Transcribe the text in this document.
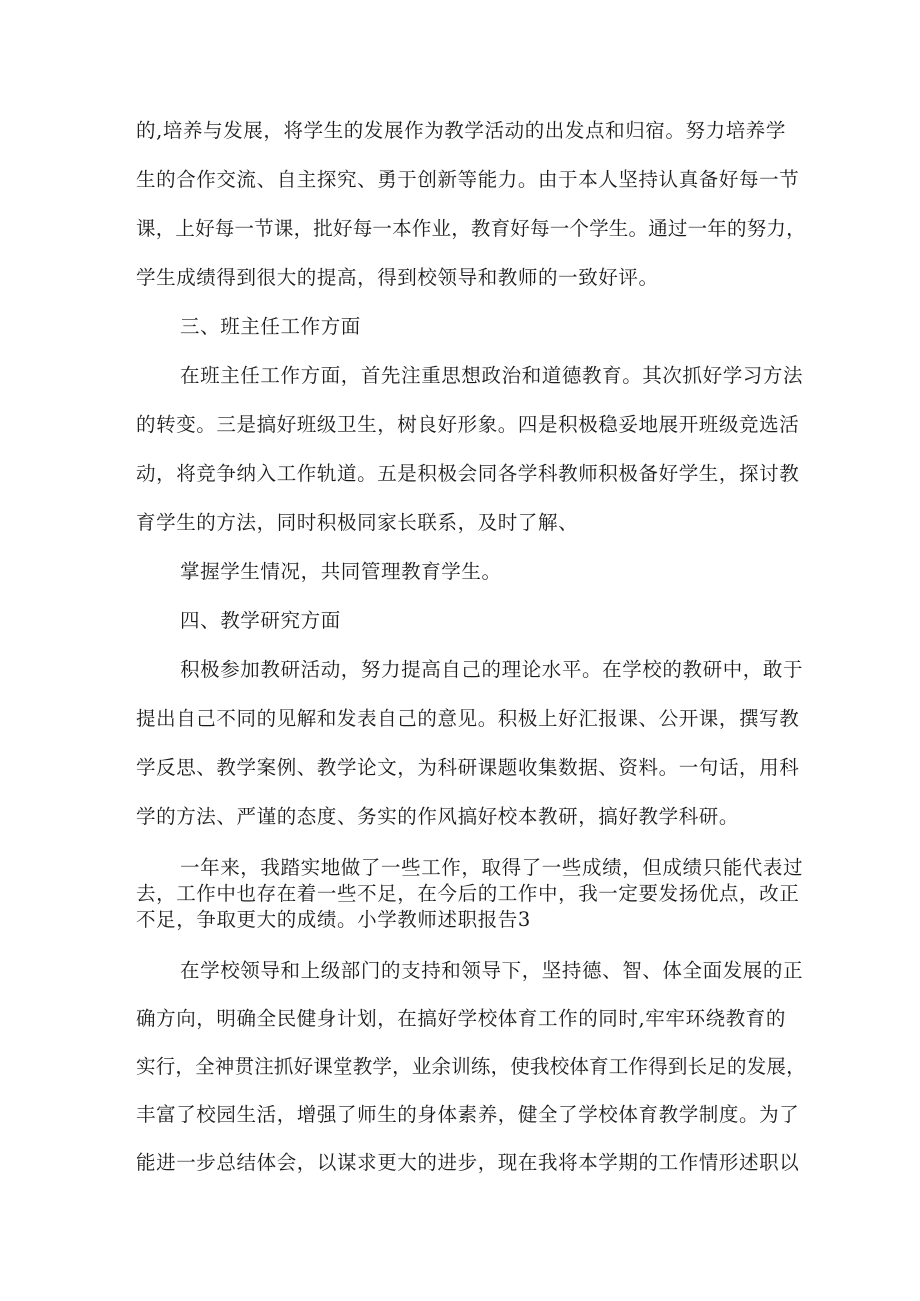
的,培养与发展，将学生的发展作为教学活动的出发点和归宿。努力培养学
生的合作交流、自主探究、勇于创新等能力。由于本人坚持认真备好每一节
课，上好每一节课，批好每一本作业，教育好每一个学生。通过一年的努力，
学生成绩得到很大的提高，得到校领导和教师的一致好评。
三、班主任工作方面
在班主任工作方面，首先注重思想政治和道德教育。其次抓好学习方法
的转变。三是搞好班级卫生，树良好形象。四是积极稳妥地展开班级竞选活
动，将竞争纳入工作轨道。五是积极会同各学科教师积极备好学生，探讨教
育学生的方法，同时积极同家长联系，及时了解、
掌握学生情况，共同管理教育学生。
四、教学研究方面
积极参加教研活动，努力提高自己的理论水平。在学校的教研中，敢于
提出自己不同的见解和发表自己的意见。积极上好汇报课、公开课，撰写教
学反思、教学案例、教学论文，为科研课题收集数据、资料。一句话，用科
学的方法、严谨的态度、务实的作风搞好校本教研，搞好教学科研。
一年来，我踏实地做了一些工作，取得了一些成绩，但成绩只能代表过
去，工作中也存在着一些不足，在今后的工作中，我一定要发扬优点，改正
不足，争取更大的成绩。小学教师述职报告3
在学校领导和上级部门的支持和领导下，坚持德、智、体全面发展的正
确方向，明确全民健身计划，在搞好学校体育工作的同时,牢牢环绕教育的
实行，全神贯注抓好课堂教学，业余训练，使我校体育工作得到长足的发展，
丰富了校园生活，增强了师生的身体素养，健全了学校体育教学制度。为了
能进一步总结体会，以谋求更大的进步，现在我将本学期的工作情形述职以
